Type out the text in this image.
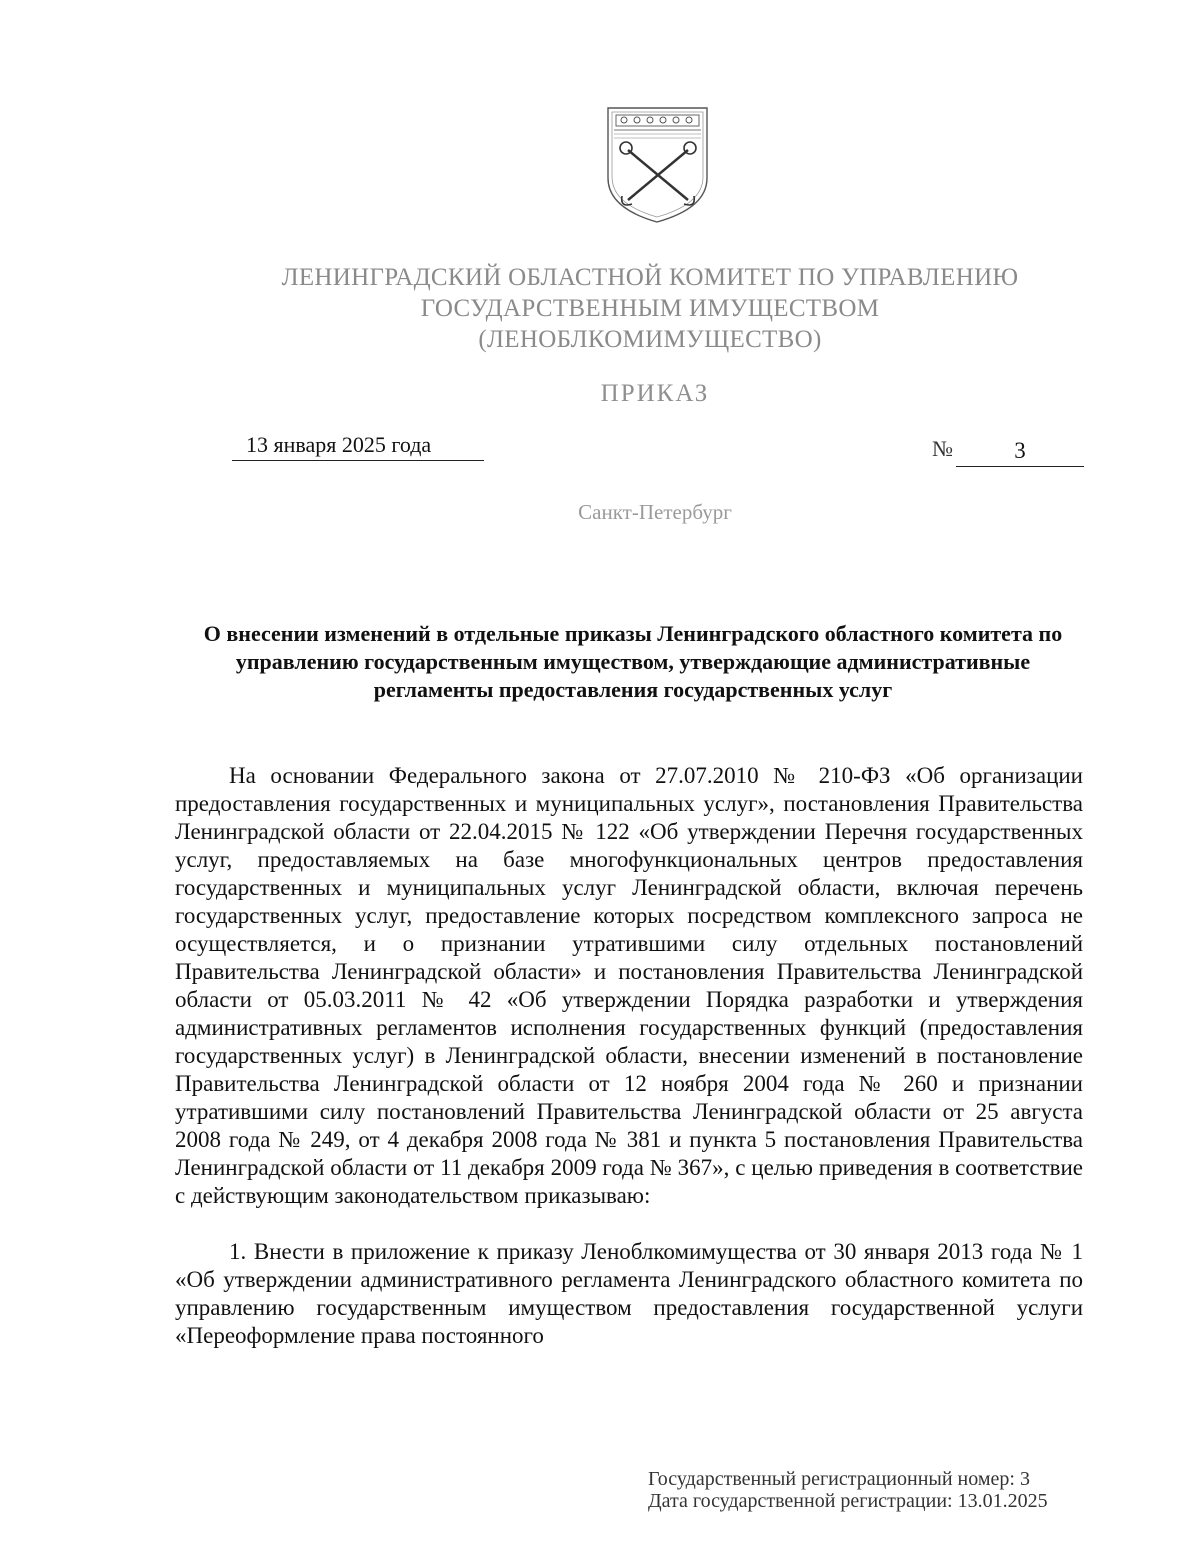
ЛЕНИНГРАДСКИЙ ОБЛАСТНОЙ КОМИТЕТ ПО УПРАВЛЕНИЮ
ГОСУДАРСТВЕННЫМ ИМУЩЕСТВОМ
(ЛЕНОБЛКОМИМУЩЕСТВО)
ПРИКАЗ
13 января 2025 года	№	3
Санкт-Петербург
О внесении изменений в отдельные приказы Ленинградского областного комитета по управлению государственным имуществом, утверждающие административные регламенты предоставления государственных услуг

На основании Федерального закона от 27.07.2010 № 210-ФЗ «Об организации предоставления государственных и муниципальных услуг», постановления Правительства Ленинградской области от 22.04.2015 № 122 «Об утверждении Перечня государственных услуг, предоставляемых на базе многофункциональных центров предоставления государственных и муниципальных услуг Ленинградской области, включая перечень государственных услуг, предоставление которых посредством комплексного запроса не осуществляется, и о признании утратившими силу отдельных постановлений Правительства Ленинградской области» и постановления Правительства Ленинградской области от 05.03.2011 № 42 «Об утверждении Порядка разработки и утверждения административных регламентов исполнения государственных функций (предоставления государственных услуг) в Ленинградской области, внесении изменений в постановление Правительства Ленинградской области от 12 ноября 2004 года № 260 и признании утратившими силу постановлений Правительства Ленинградской области от 25 августа 2008 года № 249, от 4 декабря 2008 года № 381 и пункта 5 постановления Правительства Ленинградской области от 11 декабря 2009 года № 367», с целью приведения в соответствие с действующим законодательством приказываю:

1. Внести в приложение к приказу Леноблкомимущества от 30 января 2013 года № 1 «Об утверждении административного регламента Ленинградского областного комитета по управлению государственным имуществом предоставления государственной услуги «Переоформление права постоянного

Государственный регистрационный номер: 3
Дата государственной регистрации: 13.01.2025
